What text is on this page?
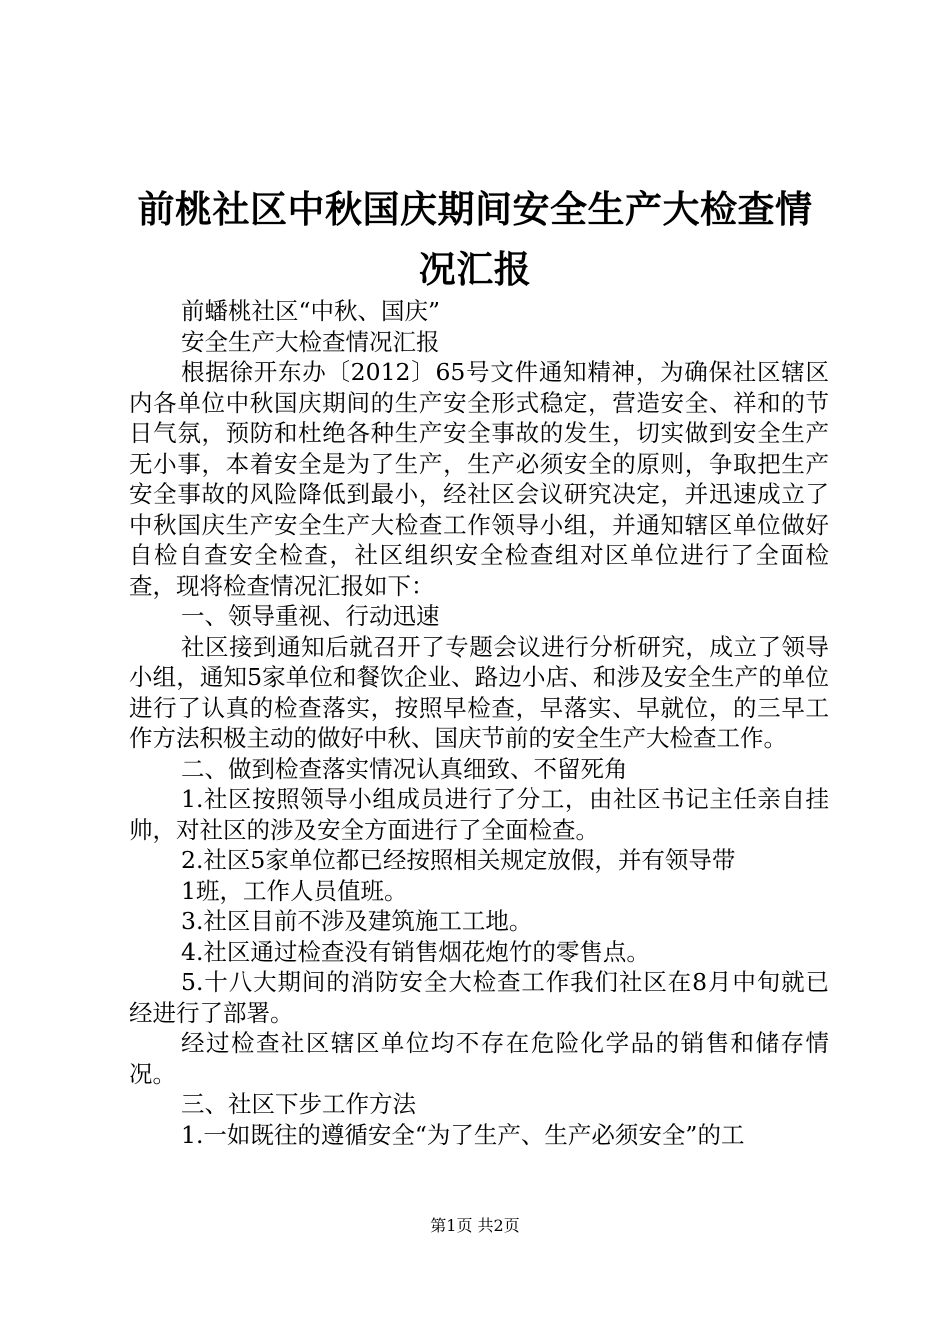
前桃社区中秋国庆期间安全生产大检查情况汇报

前蟠桃社区“中秋、国庆”

安全生产大检查情况汇报

根据徐开东办〔2012〕65号文件通知精神，为确保社区辖区内各单位中秋国庆期间的生产安全形式稳定，营造安全、祥和的节日气氛，预防和杜绝各种生产安全事故的发生，切实做到安全生产无小事，本着安全是为了生产，生产必须安全的原则，争取把生产安全事故的风险降低到最小，经社区会议研究决定，并迅速成立了中秋国庆生产安全生产大检查工作领导小组，并通知辖区单位做好自检自查安全检查，社区组织安全检查组对区单位进行了全面检查，现将检查情况汇报如下：

一、领导重视、行动迅速

社区接到通知后就召开了专题会议进行分析研究，成立了领导小组，通知5家单位和餐饮企业、路边小店、和涉及安全生产的单位进行了认真的检查落实，按照早检查，早落实、早就位，的三早工作方法积极主动的做好中秋、国庆节前的安全生产大检查工作。

二、做到检查落实情况认真细致、不留死角

1.社区按照领导小组成员进行了分工，由社区书记主任亲自挂帅，对社区的涉及安全方面进行了全面检查。

2.社区5家单位都已经按照相关规定放假，并有领导带

1班，工作人员值班。

3.社区目前不涉及建筑施工工地。

4.社区通过检查没有销售烟花炮竹的零售点。

5.十八大期间的消防安全大检查工作我们社区在8月中旬就已经进行了部署。

经过检查社区辖区单位均不存在危险化学品的销售和储存情况。

三、社区下步工作方法

1.一如既往的遵循安全“为了生产、生产必须安全”的工

第1页 共2页
